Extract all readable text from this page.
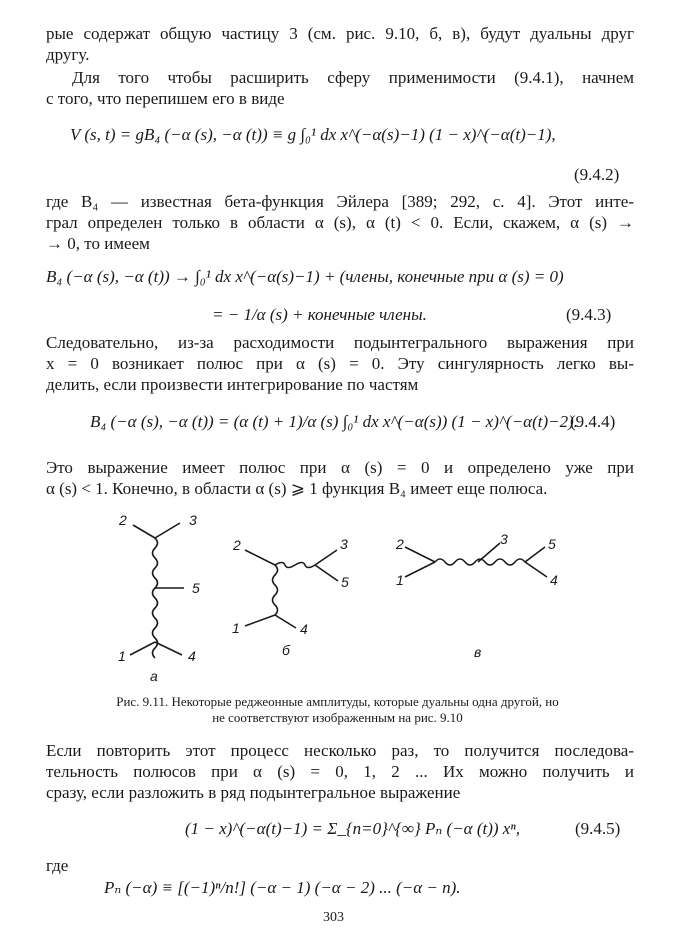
рые содержат общую частицу 3 (см. рис. 9.10, б, в), будут дуальны друг
другу.
Для того чтобы расширить сферу применимости (9.4.1), начнем
с того, что перепишем его в виде
V (s, t) = gB₄ (−α (s), −α (t)) ≡ g ∫₀¹ dx x^(−α(s)−1) (1 − x)^(−α(t)−1),
(9.4.2)
где B₄ — известная бета-функция Эйлера [389; 292, с. 4]. Этот инте-
грал определен только в области α (s), α (t) < 0. Если, скажем, α (s) →
→ 0, то имеем
B₄ (−α (s), −α (t)) → ∫₀¹ dx x^(−α(s)−1) + (члены, конечные при α (s) = 0)
= − 1/α (s) + конечные члены.	(9.4.3)
Следовательно, из-за расходимости подынтегрального выражения при
x = 0 возникает полюс при α (s) = 0. Эту сингулярность легко вы-
делить, если произвести интегрирование по частям
B₄ (−α (s), −α (t)) = (α (t) + 1)/α (s) ∫₀¹ dx x^(−α(s)) (1 − x)^(−α(t)−2).
(9.4.4)
Это выражение имеет полюс при α (s) = 0 и определено уже при
α (s) < 1. Конечно, в области α (s) ⩾ 1 функция B₄ имеет еще полюса.
2	3
5
1	4
а
2	3
5
1	4
б
2	3	5
1	4
в
Рис. 9.11. Некоторые реджеонные амплитуды, которые дуальны одна другой, но
не соответствуют изображенным на рис. 9.10
Если повторить этот процесс несколько раз, то получится последова-
тельность полюсов при α (s) = 0, 1, 2 ... Их можно получить и
сразу, если разложить в ряд подынтегральное выражение
(1 − x)^(−α(t)−1) = Σ_{n=0}^{∞} Pₙ (−α (t)) xⁿ,	(9.4.5)
где
Pₙ (−α) ≡ [(−1)ⁿ/n!] (−α − 1) (−α − 2) ... (−α − n).
303
